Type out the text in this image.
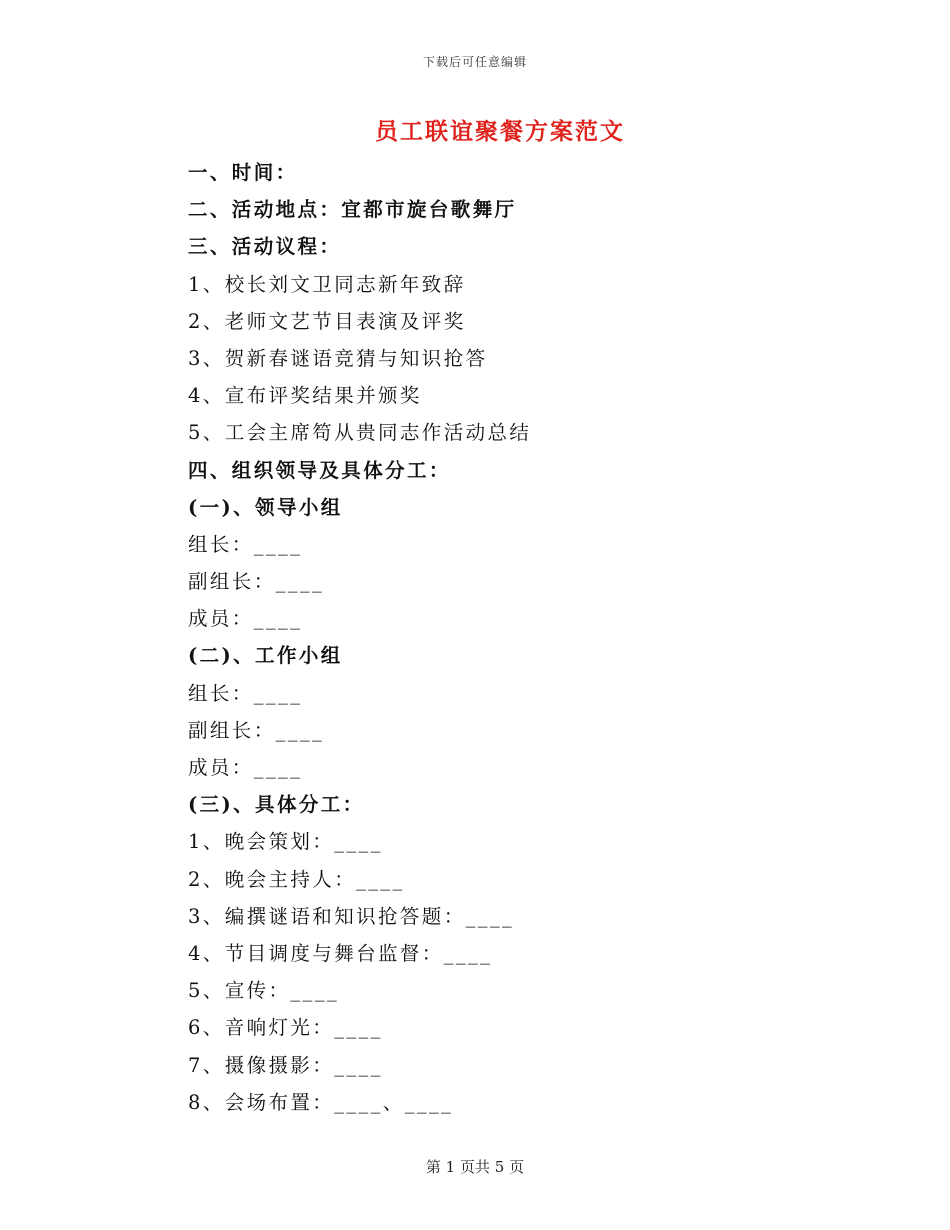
下载后可任意编辑
员工联谊聚餐方案范文
一、时间：
二、活动地点：宜都市旋台歌舞厅
三、活动议程：
1、校长刘文卫同志新年致辞
2、老师文艺节目表演及评奖
3、贺新春谜语竞猜与知识抢答
4、宣布评奖结果并颁奖
5、工会主席笱从贵同志作活动总结
四、组织领导及具体分工：
(一)、领导小组
组长：____
副组长：____
成员：____
(二)、工作小组
组长：____
副组长：____
成员：____
(三)、具体分工：
1、晚会策划：____
2、晚会主持人：____
3、编撰谜语和知识抢答题：____
4、节目调度与舞台监督：____
5、宣传：____
6、音响灯光：____
7、摄像摄影：____
8、会场布置：____、____
第 1 页共 5 页
